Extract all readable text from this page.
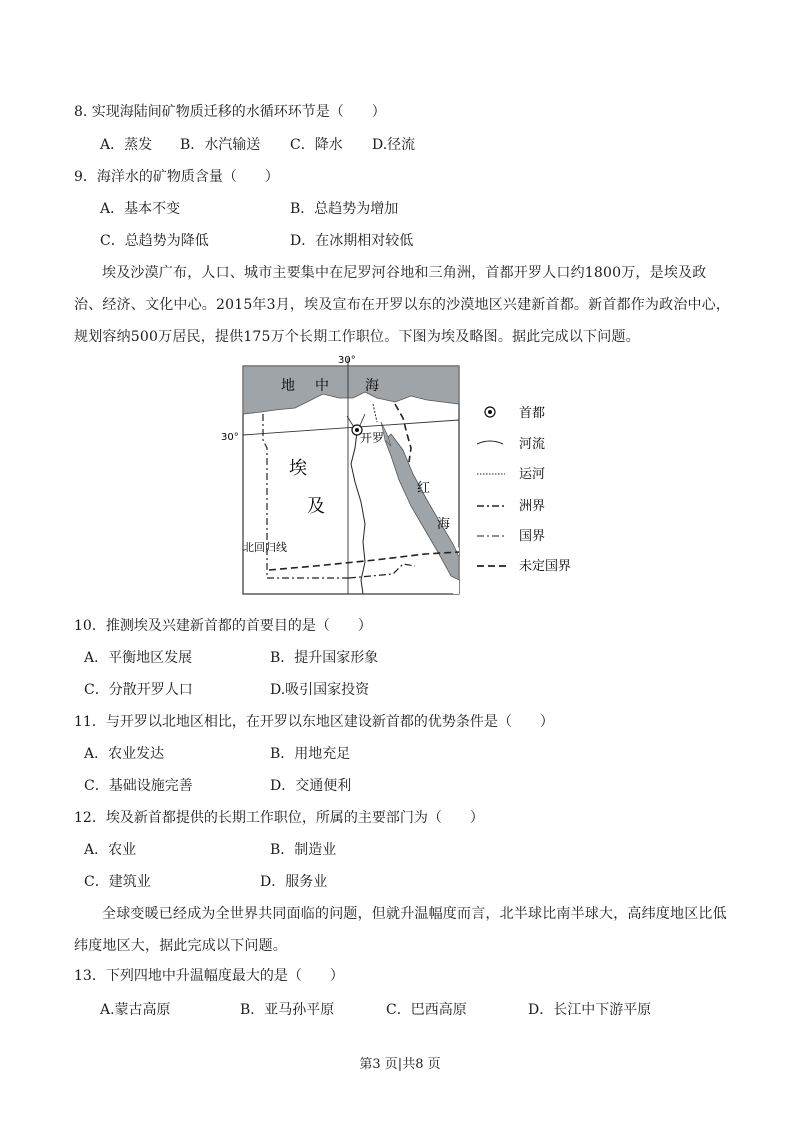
8. 实现海陆间矿物质迁移的水循环环节是（　　）
A．蒸发 B．水汽输送 C．降水 D.径流
9．海洋水的矿物质含量（　　）
A．基本不变	B．总趋势为增加
C．总趋势为降低	D．在冰期相对较低
埃及沙漠广布，人口、城市主要集中在尼罗河谷地和三角洲，首都开罗人口约1800万，是埃及政治、经济、文化中心。2015年3月，埃及宣布在开罗以东的沙漠地区兴建新首都。新首都作为政治中心，规划容纳500万居民，提供175万个长期工作职位。下图为埃及略图。据此完成以下问题。
30°
30°
地 中	海
开罗
埃
及
红
海
北回归线
首都
河流
运河
洲界
国界
未定国界
10．推测埃及兴建新首都的首要目的是（　　）
A．平衡地区发展	B．提升国家形象
C．分散开罗人口	D.吸引国家投资
11．与开罗以北地区相比，在开罗以东地区建设新首都的优势条件是（　　）
A．农业发达	B．用地充足
C．基础设施完善	D．交通便利
12．埃及新首都提供的长期工作职位，所属的主要部门为（　　）
A．农业	B．制造业
C．建筑业	D．服务业
全球变暖已经成为全世界共同面临的问题，但就升温幅度而言，北半球比南半球大，高纬度地区比低纬度地区大，据此完成以下问题。
13．下列四地中升温幅度最大的是（　　）
A.蒙古高原	B．亚马孙平原	C．巴西高原	D．长江中下游平原
第3 页|共8 页
